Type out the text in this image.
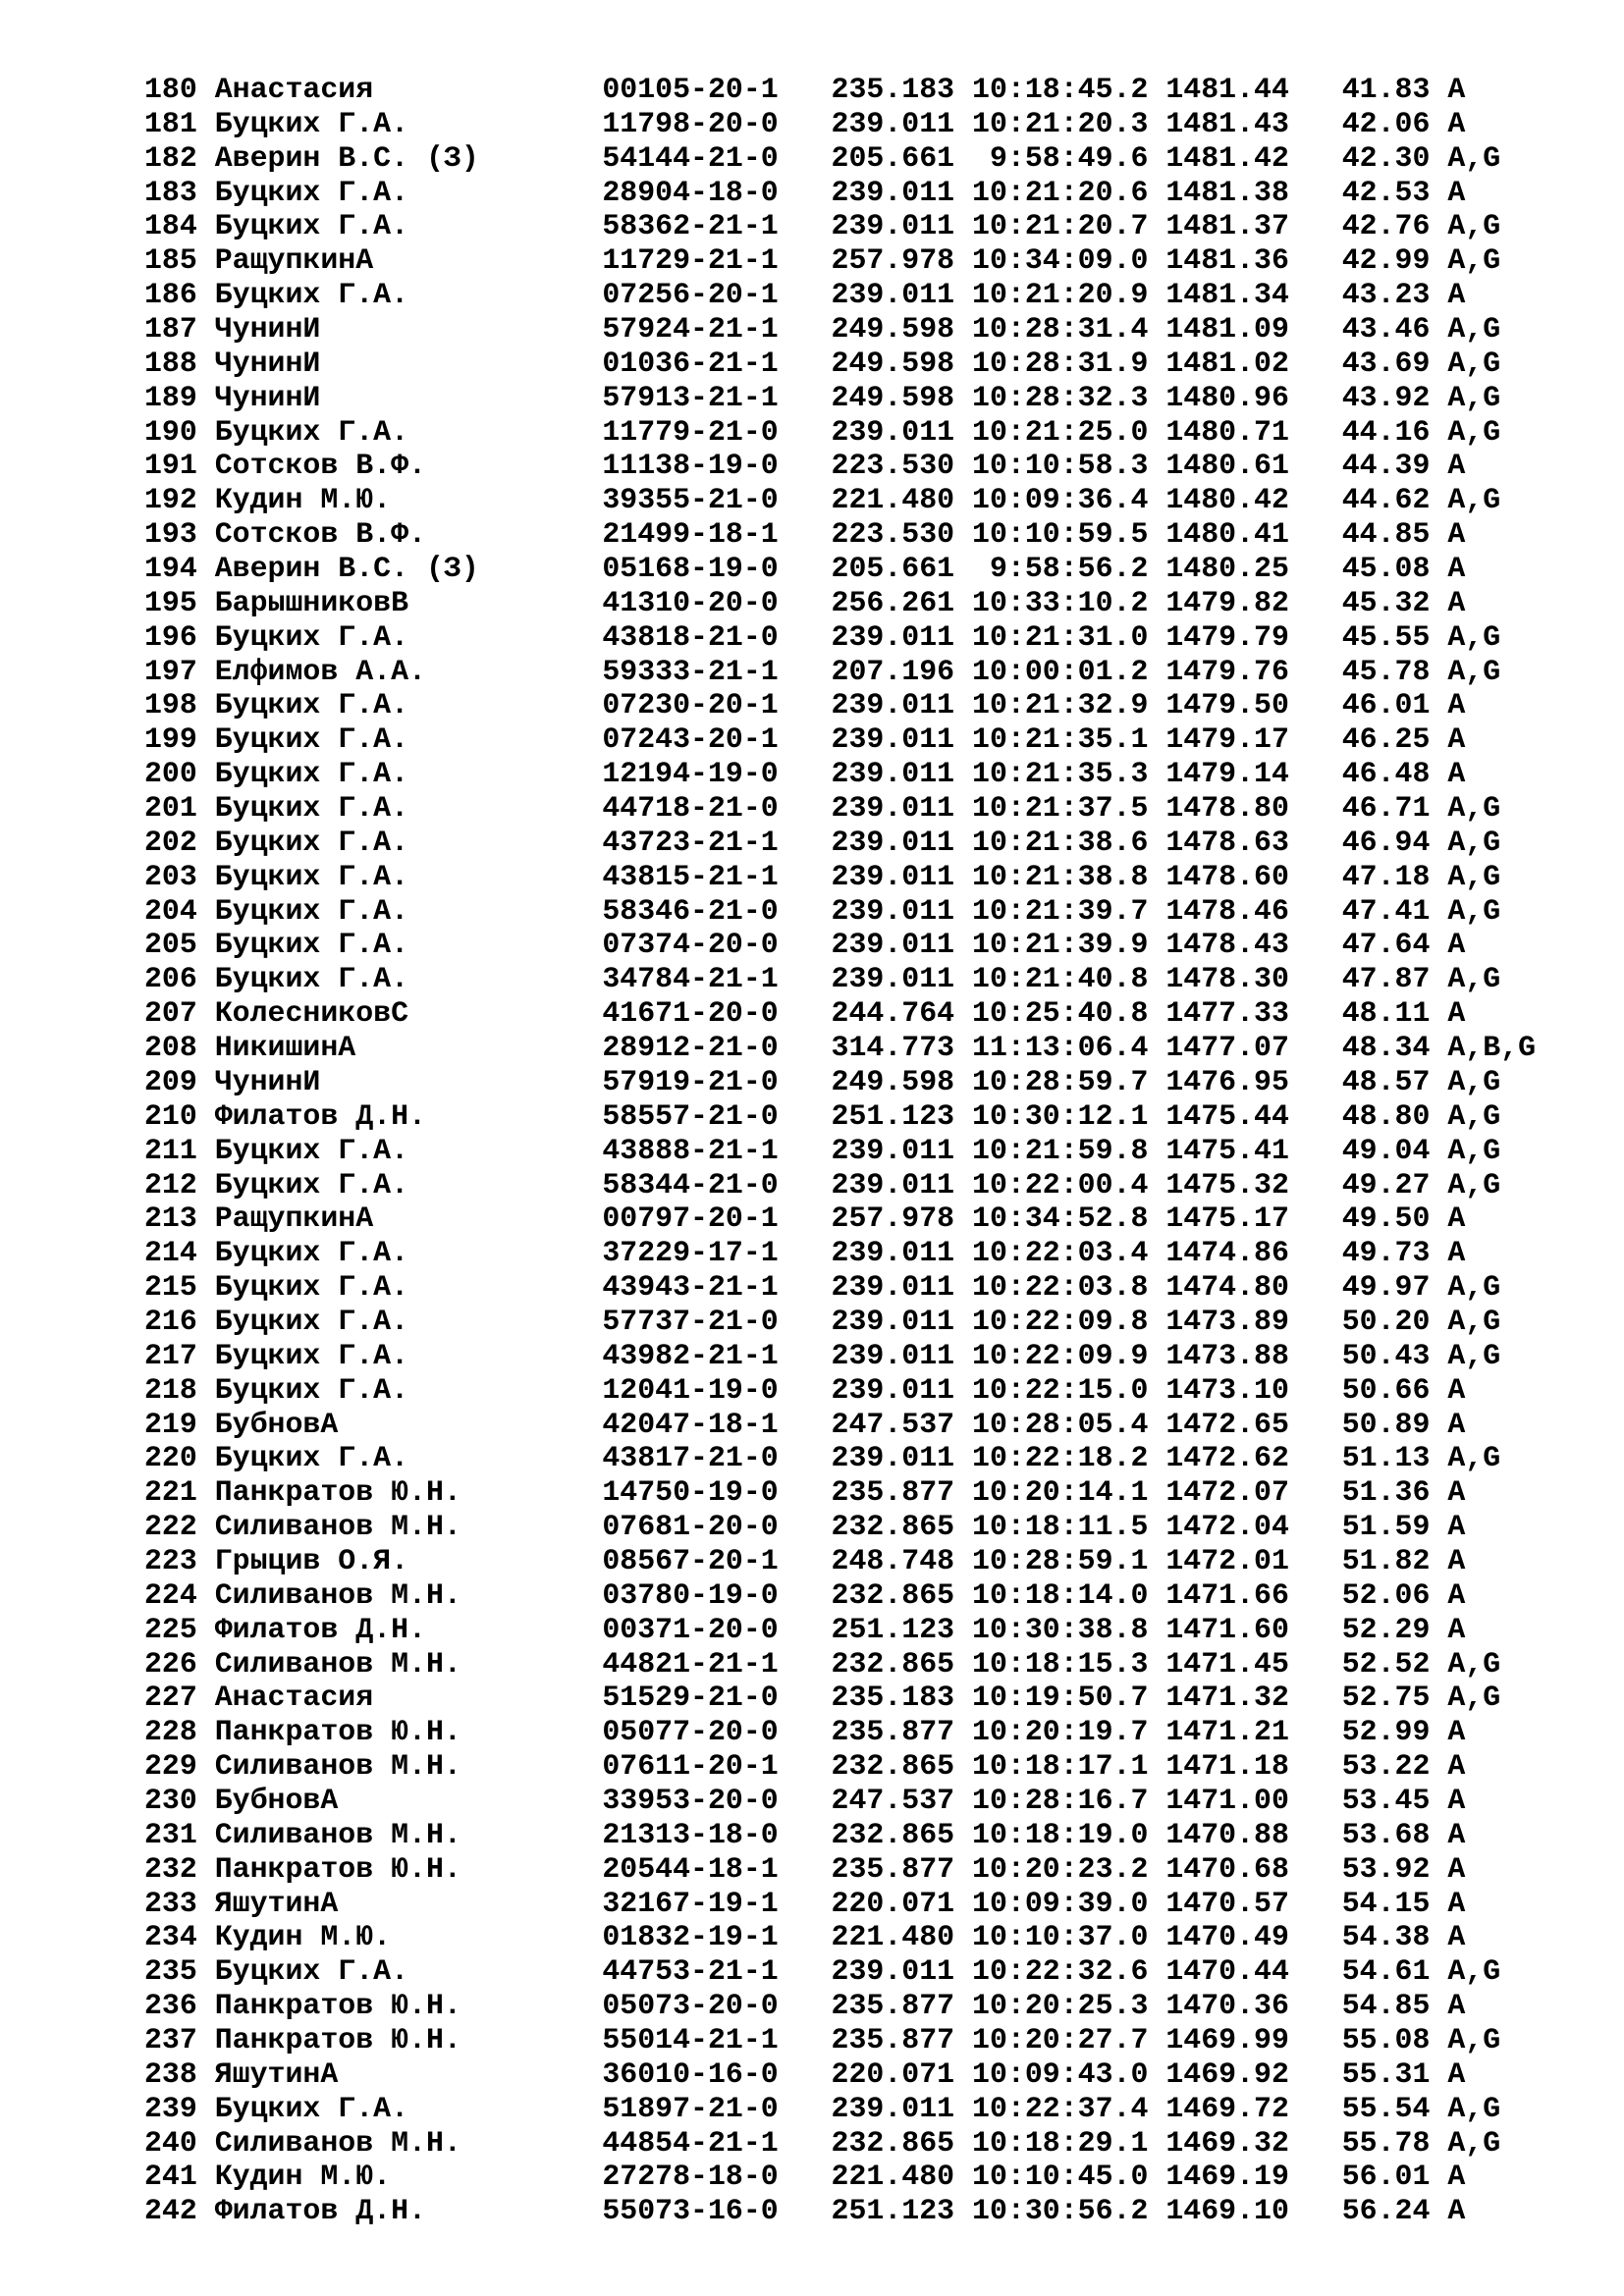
180 Анастасия	00105-20-1 235.183 10:18:45.2 1481.44 41.83 A
181 Буцких Г.А.	11798-20-0 239.011 10:21:20.3 1481.43 42.06 A
182 Аверин В.С. (З)	54144-21-0 205.661	9:58:49.6 1481.42 42.30 A,G
183 Буцких Г.А.	28904-18-0 239.011 10:21:20.6 1481.38 42.53 A
184 Буцких Г.А.	58362-21-1 239.011 10:21:20.7 1481.37 42.76 A,G
185 РащупкинА	11729-21-1 257.978 10:34:09.0 1481.36 42.99 A,G
186 Буцких Г.А.	07256-20-1 239.011 10:21:20.9 1481.34 43.23 A
187 ЧунинИ	57924-21-1 249.598 10:28:31.4 1481.09 43.46 A,G
188 ЧунинИ	01036-21-1 249.598 10:28:31.9 1481.02 43.69 A,G
189 ЧунинИ	57913-21-1 249.598 10:28:32.3 1480.96 43.92 A,G
190 Буцких Г.А.	11779-21-0 239.011 10:21:25.0 1480.71 44.16 A,G
191 Сотсков В.Ф.	11138-19-0 223.530 10:10:58.3 1480.61 44.39 A
192 Кудин М.Ю.	39355-21-0 221.480 10:09:36.4 1480.42 44.62 A,G
193 Сотсков В.Ф.	21499-18-1 223.530 10:10:59.5 1480.41 44.85 A
194 Аверин В.С. (З)	05168-19-0 205.661	9:58:56.2 1480.25 45.08 A
195 БарышниковВ	41310-20-0 256.261 10:33:10.2 1479.82 45.32 A
196 Буцких Г.А.	43818-21-0 239.011 10:21:31.0 1479.79 45.55 A,G
197 Елфимов А.А.	59333-21-1 207.196 10:00:01.2 1479.76 45.78 A,G
198 Буцких Г.А.	07230-20-1 239.011 10:21:32.9 1479.50 46.01 A
199 Буцких Г.А.	07243-20-1 239.011 10:21:35.1 1479.17 46.25 A
200 Буцких Г.А.	12194-19-0 239.011 10:21:35.3 1479.14 46.48 A
201 Буцких Г.А.	44718-21-0 239.011 10:21:37.5 1478.80 46.71 A,G
202 Буцких Г.А.	43723-21-1 239.011 10:21:38.6 1478.63 46.94 A,G
203 Буцких Г.А.	43815-21-1 239.011 10:21:38.8 1478.60 47.18 A,G
204 Буцких Г.А.	58346-21-0 239.011 10:21:39.7 1478.46 47.41 A,G
205 Буцких Г.А.	07374-20-0 239.011 10:21:39.9 1478.43 47.64 A
206 Буцких Г.А.	34784-21-1 239.011 10:21:40.8 1478.30 47.87 A,G
207 КолесниковС	41671-20-0 244.764 10:25:40.8 1477.33 48.11 A
208 НикишинА	28912-21-0 314.773 11:13:06.4 1477.07 48.34 A,B,G
209 ЧунинИ	57919-21-0 249.598 10:28:59.7 1476.95 48.57 A,G
210 Филатов Д.Н.	58557-21-0 251.123 10:30:12.1 1475.44 48.80 A,G
211 Буцких Г.А.	43888-21-1 239.011 10:21:59.8 1475.41 49.04 A,G
212 Буцких Г.А.	58344-21-0 239.011 10:22:00.4 1475.32 49.27 A,G
213 РащупкинА	00797-20-1 257.978 10:34:52.8 1475.17 49.50 A
214 Буцких Г.А.	37229-17-1 239.011 10:22:03.4 1474.86 49.73 A
215 Буцких Г.А.	43943-21-1 239.011 10:22:03.8 1474.80 49.97 A,G
216 Буцких Г.А.	57737-21-0 239.011 10:22:09.8 1473.89 50.20 A,G
217 Буцких Г.А.	43982-21-1 239.011 10:22:09.9 1473.88 50.43 A,G
218 Буцких Г.А.	12041-19-0 239.011 10:22:15.0 1473.10 50.66 A
219 БубновА	42047-18-1 247.537 10:28:05.4 1472.65 50.89 A
220 Буцких Г.А.	43817-21-0 239.011 10:22:18.2 1472.62 51.13 A,G
221 Панкратов Ю.Н.	14750-19-0 235.877 10:20:14.1 1472.07 51.36 A
222 Силиванов М.Н.	07681-20-0 232.865 10:18:11.5 1472.04 51.59 A
223 Грыцив О.Я.	08567-20-1 248.748 10:28:59.1 1472.01 51.82 A
224 Силиванов М.Н.	03780-19-0 232.865 10:18:14.0 1471.66 52.06 A
225 Филатов Д.Н.	00371-20-0 251.123 10:30:38.8 1471.60 52.29 A
226 Силиванов М.Н.	44821-21-1 232.865 10:18:15.3 1471.45 52.52 A,G
227 Анастасия	51529-21-0 235.183 10:19:50.7 1471.32 52.75 A,G
228 Панкратов Ю.Н.	05077-20-0 235.877 10:20:19.7 1471.21 52.99 A
229 Силиванов М.Н.	07611-20-1 232.865 10:18:17.1 1471.18 53.22 A
230 БубновА	33953-20-0 247.537 10:28:16.7 1471.00 53.45 A
231 Силиванов М.Н.	21313-18-0 232.865 10:18:19.0 1470.88 53.68 A
232 Панкратов Ю.Н.	20544-18-1 235.877 10:20:23.2 1470.68 53.92 A
233 ЯшутинА	32167-19-1 220.071 10:09:39.0 1470.57 54.15 A
234 Кудин М.Ю.	01832-19-1 221.480 10:10:37.0 1470.49 54.38 A
235 Буцких Г.А.	44753-21-1 239.011 10:22:32.6 1470.44 54.61 A,G
236 Панкратов Ю.Н.	05073-20-0 235.877 10:20:25.3 1470.36 54.85 A
237 Панкратов Ю.Н.	55014-21-1 235.877 10:20:27.7 1469.99 55.08 A,G
238 ЯшутинА	36010-16-0 220.071 10:09:43.0 1469.92 55.31 A
239 Буцких Г.А.	51897-21-0 239.011 10:22:37.4 1469.72 55.54 A,G
240 Силиванов М.Н.	44854-21-1 232.865 10:18:29.1 1469.32 55.78 A,G
241 Кудин М.Ю.	27278-18-0 221.480 10:10:45.0 1469.19 56.01 A
242 Филатов Д.Н.	55073-16-0 251.123 10:30:56.2 1469.10 56.24 A
